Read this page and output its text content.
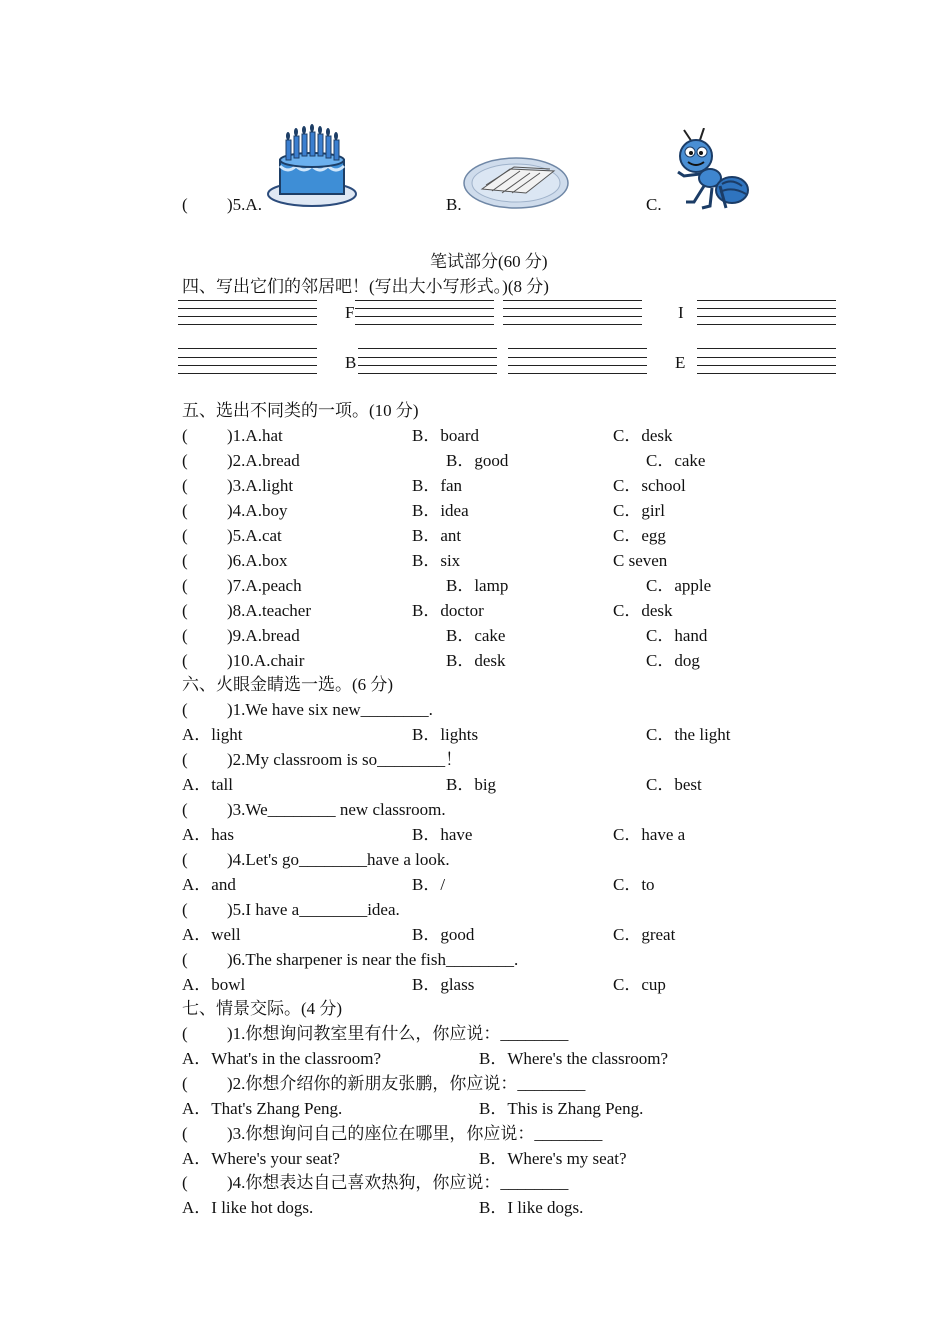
( )5.A.	B.	C.
笔试部分(60 分)
四、写出它们的邻居吧！(写出大小写形式。)(8 分)
F	I
B	E
五、选出不同类的一项。(10 分)
( )1.A.hat	B．board	C．desk
( )2.A.bread	B．good	C．cake
( )3.A.light	B．fan	C．school
( )4.A.boy	B．idea	C．girl
( )5.A.cat	B．ant	C．egg
( )6.A.box	B．six	C seven
( )7.A.peach	B．lamp	C．apple
( )8.A.teacher	B．doctor	C．desk
( )9.A.bread	B．cake	C．hand
( )10.A.chair	B．desk	C．dog
六、火眼金睛选一选。(6 分)
( )1.We have six new________.
A．light	B．lights	C．the light
( )2.My classroom is so________！
A．tall	B．big	C．best
( )3.We________ new classroom.
A．has	B．have	C．have a
( )4.Let's go________have a look.
A．and	B．/	C．to
( )5.I have a________idea.
A．well	B．good	C．great
( )6.The sharpener is near the fish________.
A．bowl	B．glass	C．cup
七、情景交际。(4 分)
( )1.你想询问教室里有什么，你应说：________
A．What's in the classroom?	B．Where's the classroom?
( )2.你想介绍你的新朋友张鹏，你应说：________
A．That's Zhang Peng.	B．This is Zhang Peng.
( )3.你想询问自己的座位在哪里，你应说：________
A．Where's your seat?	B．Where's my seat?
( )4.你想表达自己喜欢热狗，你应说：________
A．I like hot dogs.	B．I like dogs.
